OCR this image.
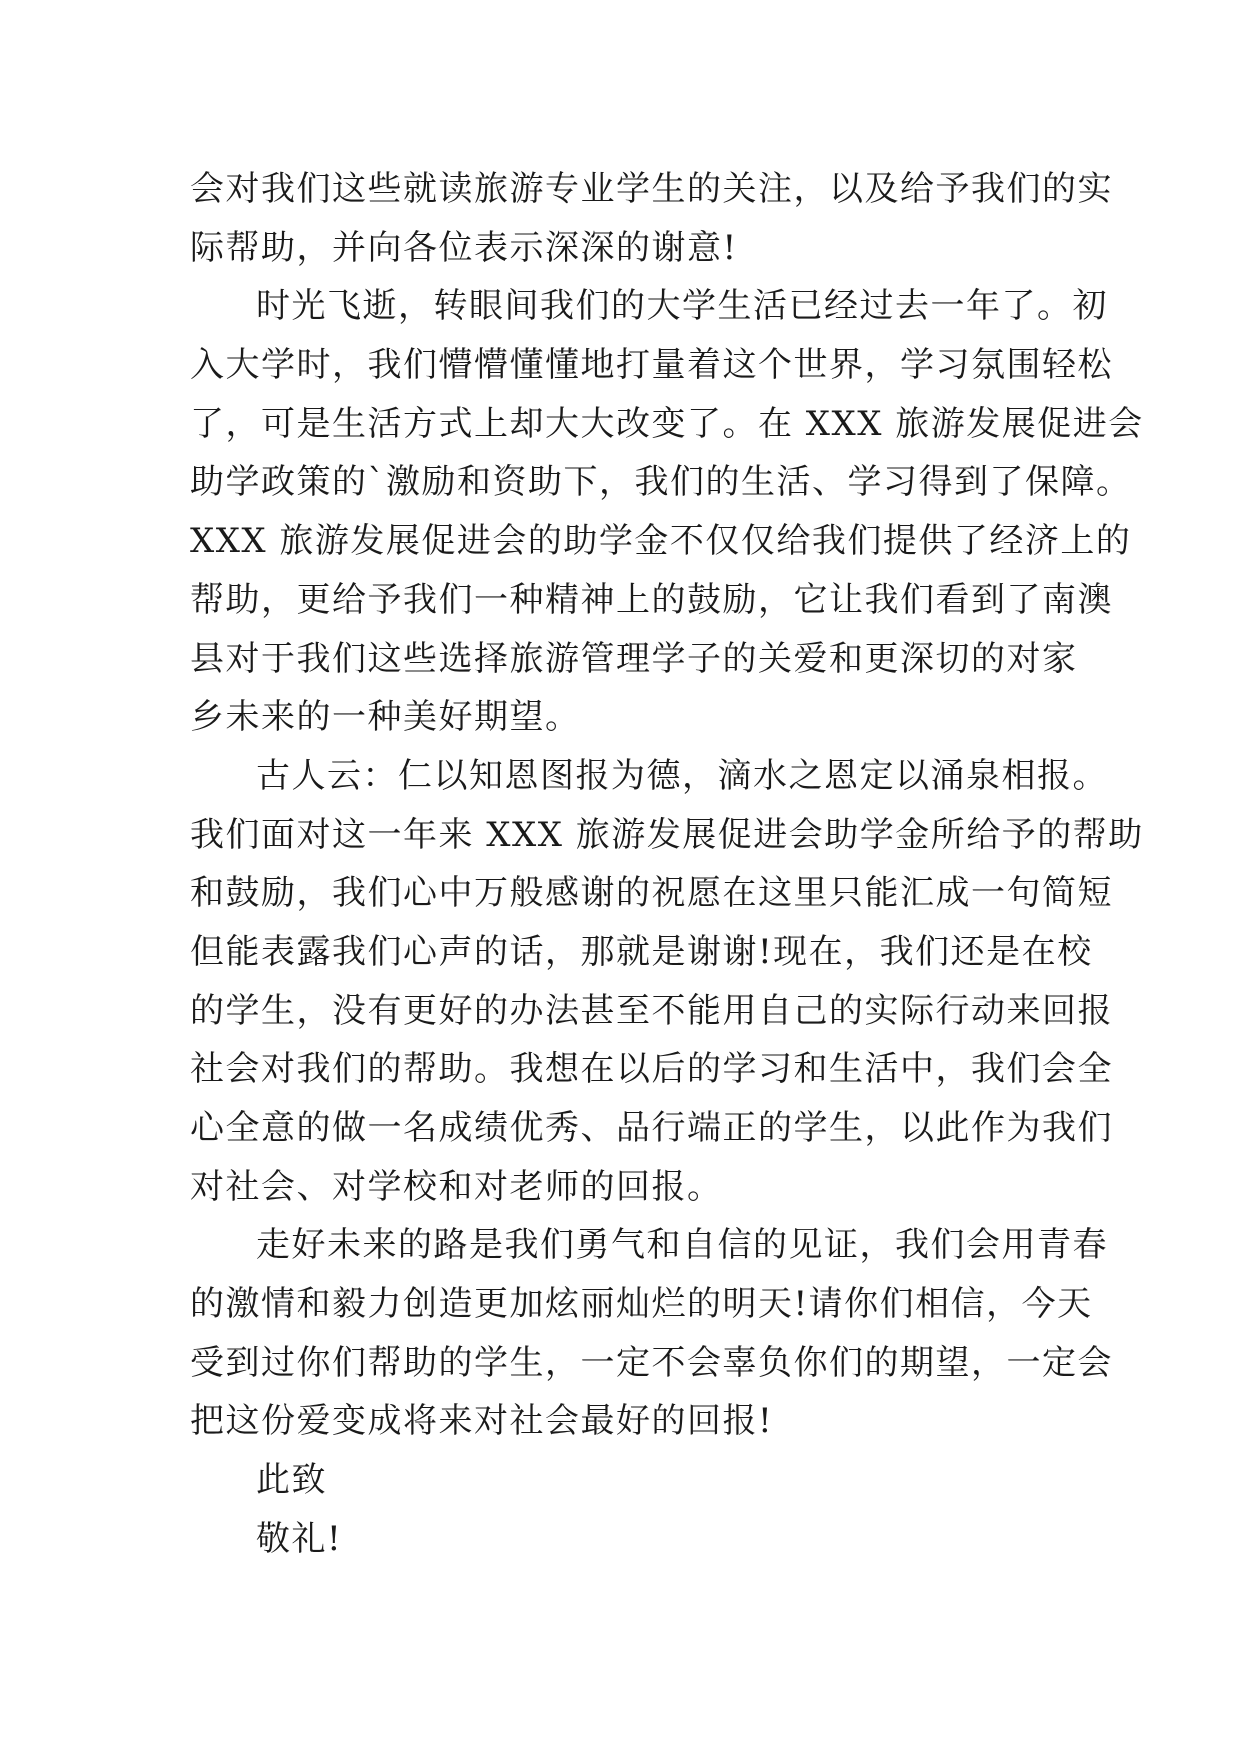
会对我们这些就读旅游专业学生的关注，以及给予我们的实
际帮助，并向各位表示深深的谢意!
时光飞逝，转眼间我们的大学生活已经过去一年了。初
入大学时，我们懵懵懂懂地打量着这个世界，学习氛围轻松
了，可是生活方式上却大大改变了。在 XXX 旅游发展促进会
助学政策的`激励和资助下，我们的生活、学习得到了保障。
XXX 旅游发展促进会的助学金不仅仅给我们提供了经济上的
帮助，更给予我们一种精神上的鼓励，它让我们看到了南澳
县对于我们这些选择旅游管理学子的关爱和更深切的对家
乡未来的一种美好期望。
古人云：仁以知恩图报为德，滴水之恩定以涌泉相报。
我们面对这一年来 XXX 旅游发展促进会助学金所给予的帮助
和鼓励，我们心中万般感谢的祝愿在这里只能汇成一句简短
但能表露我们心声的话，那就是谢谢!现在，我们还是在校
的学生，没有更好的办法甚至不能用自己的实际行动来回报
社会对我们的帮助。我想在以后的学习和生活中，我们会全
心全意的做一名成绩优秀、品行端正的学生，以此作为我们
对社会、对学校和对老师的回报。
走好未来的路是我们勇气和自信的见证，我们会用青春
的激情和毅力创造更加炫丽灿烂的明天!请你们相信，今天
受到过你们帮助的学生，一定不会辜负你们的期望，一定会
把这份爱变成将来对社会最好的回报!
此致
敬礼!
